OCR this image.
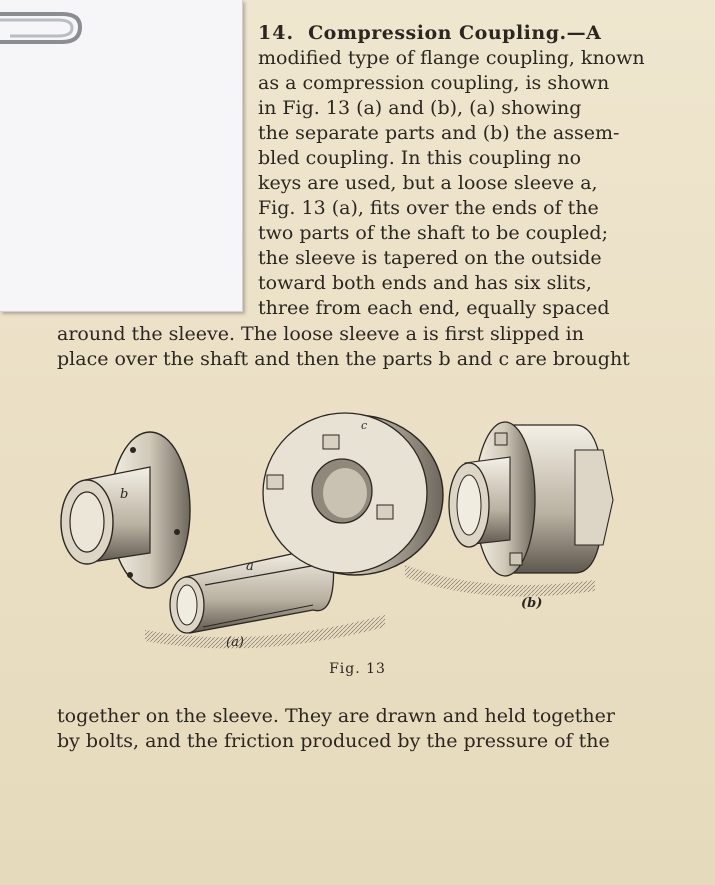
14. Compression Coupling.—A
modified type of flange coupling, known
as a compression coupling, is shown
in Fig. 13 (a) and (b), (a) showing
the separate parts and (b) the assem-
bled coupling. In this coupling no
keys are used, but a loose sleeve a,
Fig. 13 (a), fits over the ends of the
two parts of the shaft to be coupled;
the sleeve is tapered on the outside
toward both ends and has six slits,
three from each end, equally spaced
around the sleeve. The loose sleeve a is first slipped in
place over the shaft and then the parts b and c are brought
b
a
c
(a)
(b)
Fig. 13
together on the sleeve. They are drawn and held together
by bolts, and the friction produced by the pressure of the
